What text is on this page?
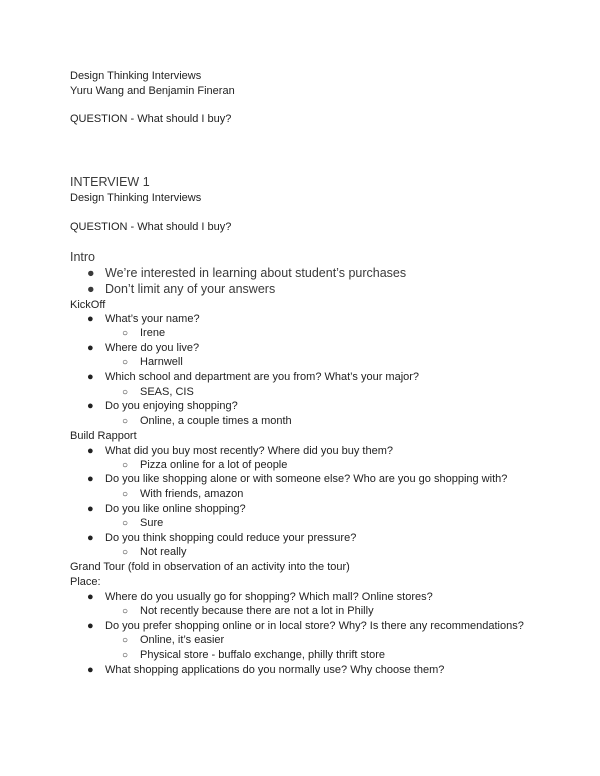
Design Thinking Interviews
Yuru Wang and Benjamin Fineran
QUESTION - What should I buy?
INTERVIEW 1
Design Thinking Interviews
QUESTION - What should I buy?
Intro
● We’re interested in learning about student’s purchases
● Don’t limit any of your answers
KickOff
● What’s your name?
○ Irene
● Where do you live?
○ Harnwell
● Which school and department are you from? What’s your major?
○ SEAS, CIS
● Do you enjoying shopping?
○ Online, a couple times a month
Build Rapport
● What did you buy most recently? Where did you buy them?
○ Pizza online for a lot of people
● Do you like shopping alone or with someone else? Who are you go shopping with?
○ With friends, amazon
● Do you like online shopping?
○ Sure
● Do you think shopping could reduce your pressure?
○ Not really
Grand Tour (fold in observation of an activity into the tour)
Place:
● Where do you usually go for shopping? Which mall? Online stores?
○ Not recently because there are not a lot in Philly
● Do you prefer shopping online or in local store? Why? Is there any recommendations?
○ Online, it’s easier
○ Physical store - buffalo exchange, philly thrift store
● What shopping applications do you normally use? Why choose them?
